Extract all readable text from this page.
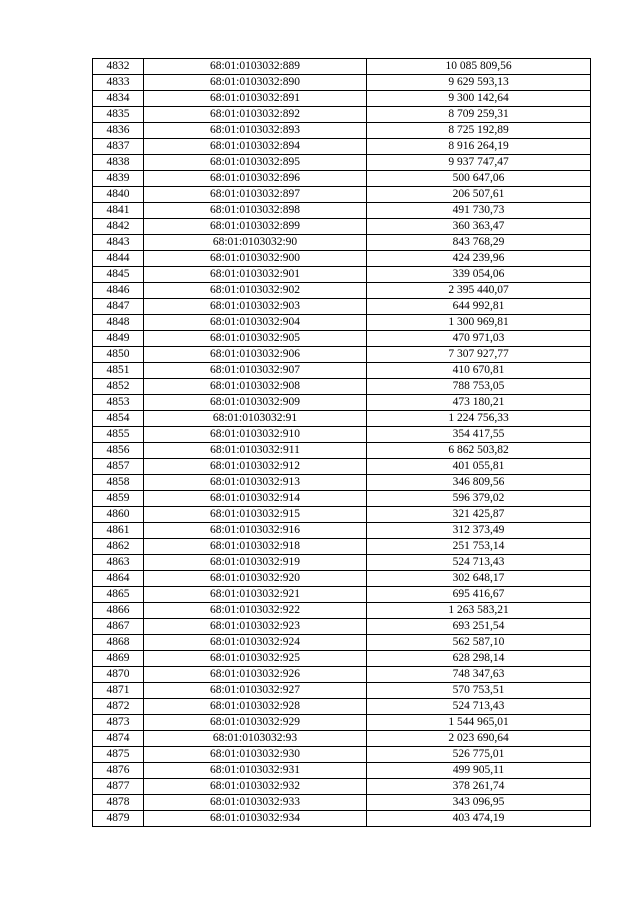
4832	68:01:0103032:889	10 085 809,56
4833	68:01:0103032:890	9 629 593,13
4834	68:01:0103032:891	9 300 142,64
4835	68:01:0103032:892	8 709 259,31
4836	68:01:0103032:893	8 725 192,89
4837	68:01:0103032:894	8 916 264,19
4838	68:01:0103032:895	9 937 747,47
4839	68:01:0103032:896	500 647,06
4840	68:01:0103032:897	206 507,61
4841	68:01:0103032:898	491 730,73
4842	68:01:0103032:899	360 363,47
4843	68:01:0103032:90	843 768,29
4844	68:01:0103032:900	424 239,96
4845	68:01:0103032:901	339 054,06
4846	68:01:0103032:902	2 395 440,07
4847	68:01:0103032:903	644 992,81
4848	68:01:0103032:904	1 300 969,81
4849	68:01:0103032:905	470 971,03
4850	68:01:0103032:906	7 307 927,77
4851	68:01:0103032:907	410 670,81
4852	68:01:0103032:908	788 753,05
4853	68:01:0103032:909	473 180,21
4854	68:01:0103032:91	1 224 756,33
4855	68:01:0103032:910	354 417,55
4856	68:01:0103032:911	6 862 503,82
4857	68:01:0103032:912	401 055,81
4858	68:01:0103032:913	346 809,56
4859	68:01:0103032:914	596 379,02
4860	68:01:0103032:915	321 425,87
4861	68:01:0103032:916	312 373,49
4862	68:01:0103032:918	251 753,14
4863	68:01:0103032:919	524 713,43
4864	68:01:0103032:920	302 648,17
4865	68:01:0103032:921	695 416,67
4866	68:01:0103032:922	1 263 583,21
4867	68:01:0103032:923	693 251,54
4868	68:01:0103032:924	562 587,10
4869	68:01:0103032:925	628 298,14
4870	68:01:0103032:926	748 347,63
4871	68:01:0103032:927	570 753,51
4872	68:01:0103032:928	524 713,43
4873	68:01:0103032:929	1 544 965,01
4874	68:01:0103032:93	2 023 690,64
4875	68:01:0103032:930	526 775,01
4876	68:01:0103032:931	499 905,11
4877	68:01:0103032:932	378 261,74
4878	68:01:0103032:933	343 096,95
4879	68:01:0103032:934	403 474,19
